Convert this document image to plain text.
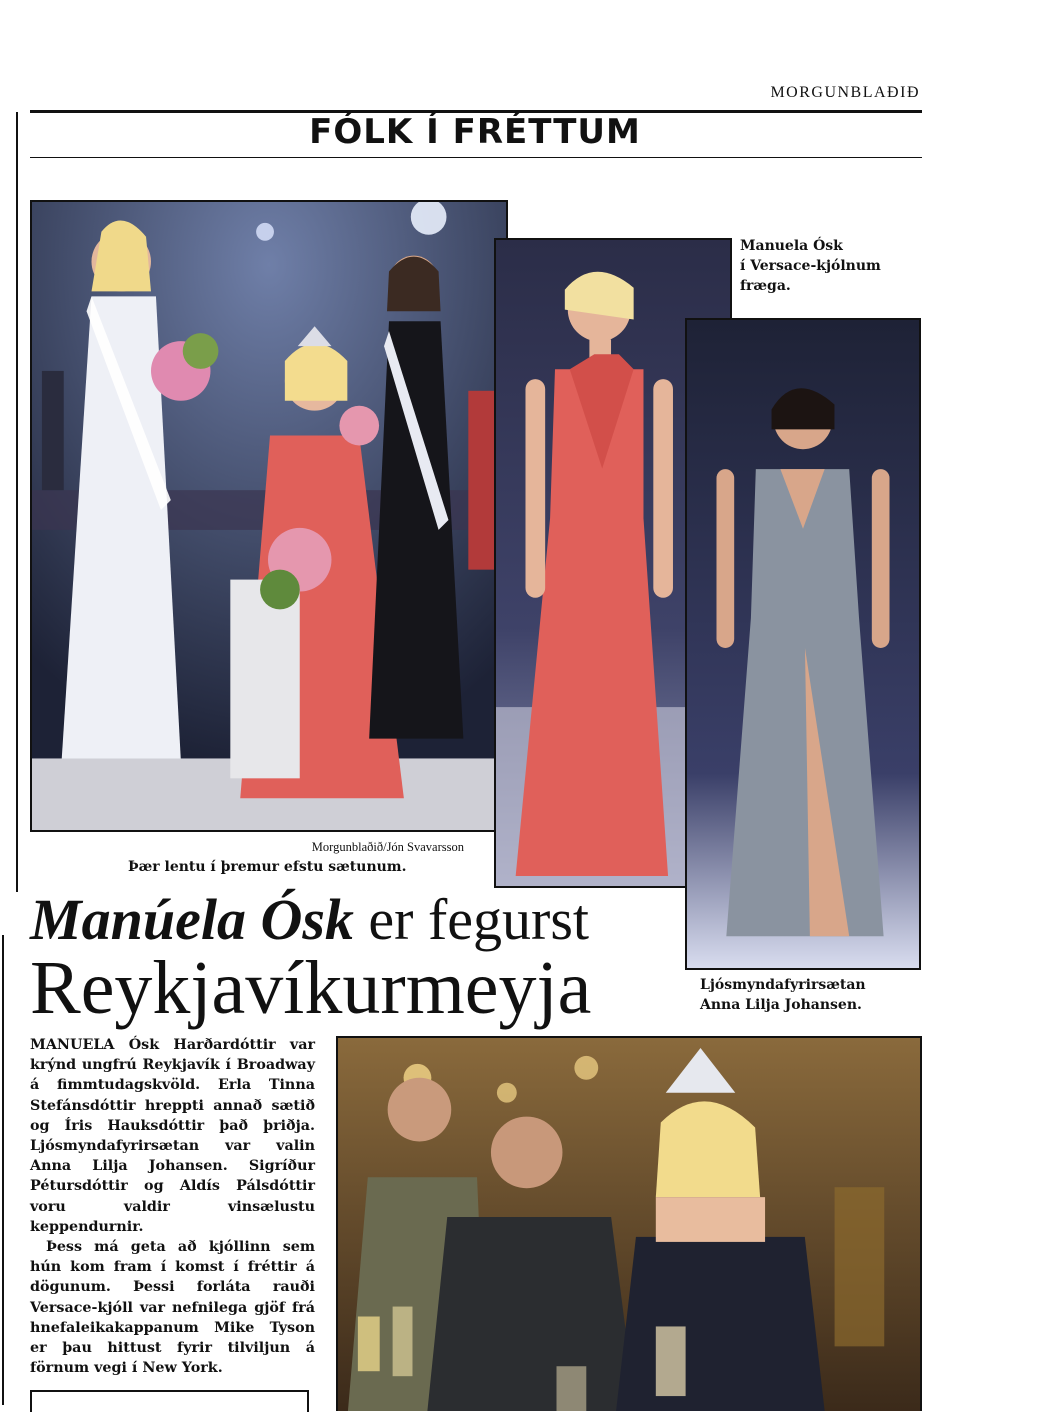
MORGUNBLAÐIÐ
FÓLK Í FRÉTTUM
Morgunblaðið/Jón Svavarsson
Þær lentu í þremur efstu sætunum.
Manuela Ósk
í Versace-kjólnum
fræga.
Ljósmyndafyrirsætan
Anna Lilja Johansen.
Manúela Ósk er fegurst
Reykjavíkurmeyja

MANUELA Ósk Harðardóttir var krýnd ungfrú Reykjavík í Broadway á fimmtudagskvöld. Erla Tinna Stefánsdóttir hreppti annað sætið og Íris Hauksdóttir það þriðja. Ljósmyndafyrirsætan var valin Anna Lilja Johansen. Sigríður Pétursdóttir og Aldís Pálsdóttir voru valdir vinsælustu keppendurnir.

Þess má geta að kjóllinn sem hún kom fram í komst í fréttir á dögunum. Þessi forláta rauði Versace-kjóll var nefnilega gjöf frá hnefaleikakappanum Mike Tyson er þau hittust fyrir tilviljun á förnum vegi í New York.
